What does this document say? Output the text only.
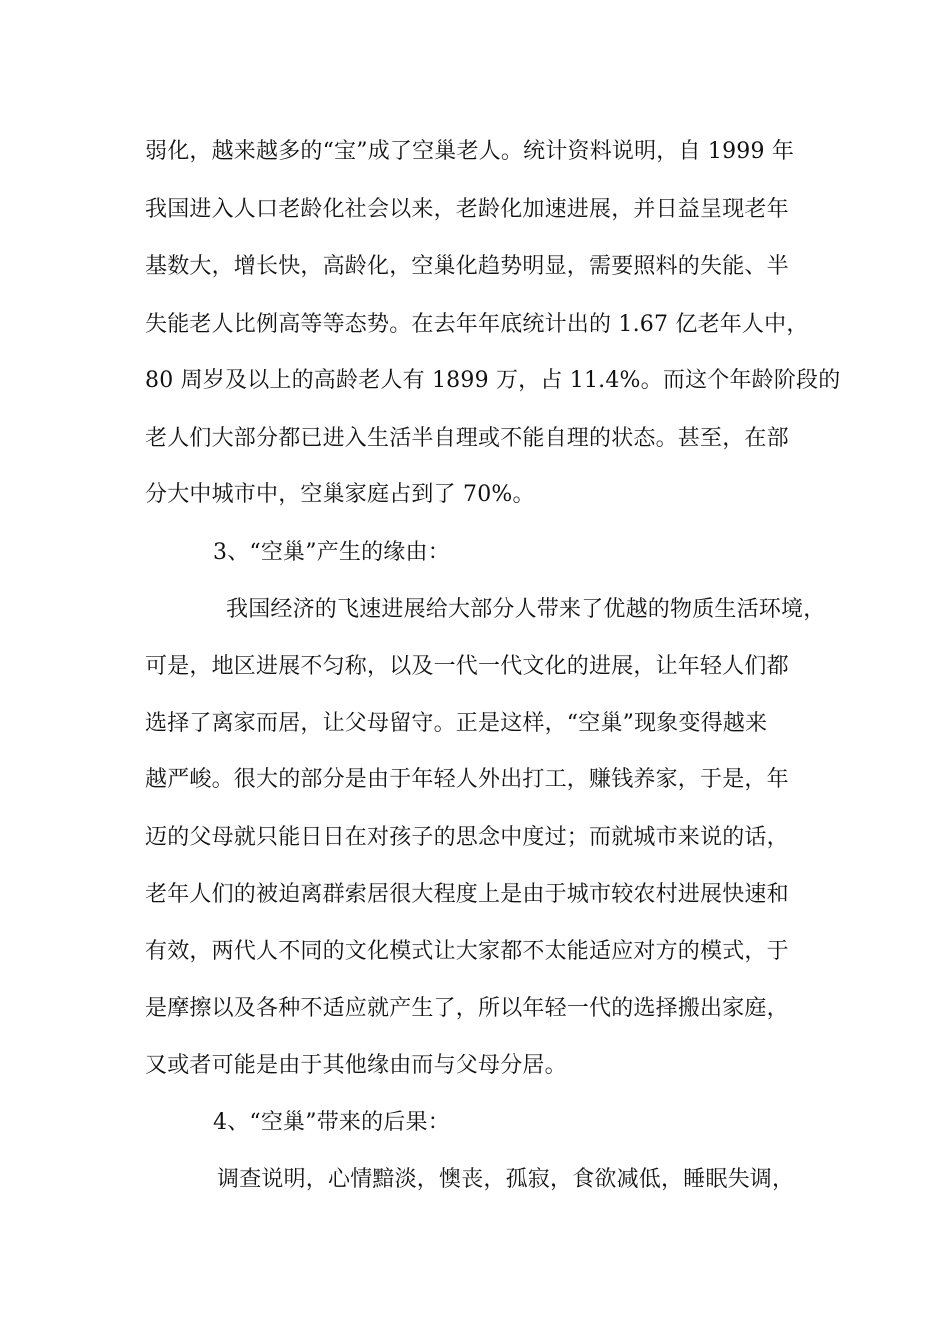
弱化，越来越多的“宝”成了空巢老人。统计资料说明，自 1999 年
我国进入人口老龄化社会以来，老龄化加速进展，并日益呈现老年
基数大，增长快，高龄化，空巢化趋势明显，需要照料的失能、半
失能老人比例高等等态势。在去年年底统计出的 1.67 亿老年人中，
80 周岁及以上的高龄老人有 1899 万，占 11.4%。而这个年龄阶段的
老人们大部分都已进入生活半自理或不能自理的状态。甚至，在部
分大中城市中，空巢家庭占到了 70%。
3、“空巢”产生的缘由：
我国经济的飞速进展给大部分人带来了优越的物质生活环境，
可是，地区进展不匀称，以及一代一代文化的进展，让年轻人们都
选择了离家而居，让父母留守。正是这样，“空巢”现象变得越来
越严峻。很大的部分是由于年轻人外出打工，赚钱养家，于是，年
迈的父母就只能日日在对孩子的思念中度过；而就城市来说的话，
老年人们的被迫离群索居很大程度上是由于城市较农村进展快速和
有效，两代人不同的文化模式让大家都不太能适应对方的模式，于
是摩擦以及各种不适应就产生了，所以年轻一代的选择搬出家庭，
又或者可能是由于其他缘由而与父母分居。
4、“空巢”带来的后果：
调查说明，心情黯淡，懊丧，孤寂，食欲减低，睡眠失调，
